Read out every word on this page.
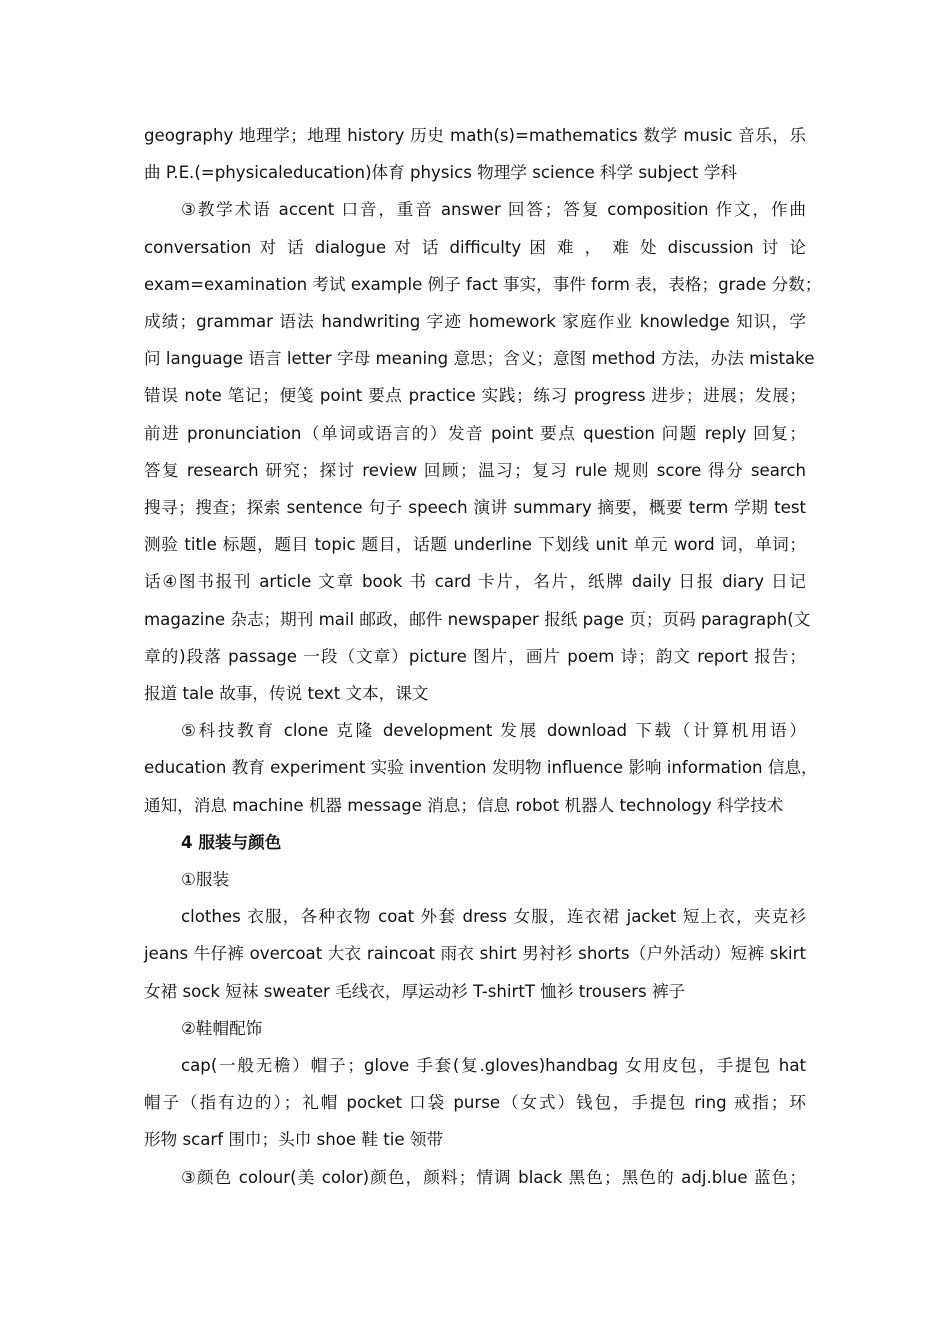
geography 地理学；地理 history 历史 math(s)=mathematics 数学 music 音乐，乐
曲 P.E.(=physicaleducation)体育 physics 物理学 science 科学 subject 学科
③教学术语 accent 口音，重音 answer 回答；答复 composition 作文，作曲
conversation 对 话 dialogue 对 话 difficulty 困 难 ， 难 处 discussion 讨 论
exam=examination 考试 example 例子 fact 事实，事件 form 表，表格；grade 分数；
成绩；grammar 语法 handwriting 字迹 homework 家庭作业 knowledge 知识，学
问 language 语言 letter 字母 meaning 意思；含义；意图 method 方法，办法 mistake
错误 note 笔记；便笺 point 要点 practice 实践；练习 progress 进步；进展；发展；
前进 pronunciation（单词或语言的）发音 point 要点 question 问题 reply 回复；
答复 research 研究；探讨 review 回顾；温习；复习 rule 规则 score 得分 search
搜寻；搜查；探索 sentence 句子 speech 演讲 summary 摘要，概要 term 学期 test
测验 title 标题，题目 topic 题目，话题 underline 下划线 unit 单元 word 词，单词；
话④图书报刊 article 文章 book 书 card 卡片，名片，纸牌 daily 日报 diary 日记
magazine 杂志；期刊 mail 邮政，邮件 newspaper 报纸 page 页；页码 paragraph(文
章的)段落 passage 一段（文章）picture 图片，画片 poem 诗；韵文 report 报告；
报道 tale 故事，传说 text 文本，课文
⑤科技教育 clone 克隆 development 发展 download 下载（计算机用语）
education 教育 experiment 实验 invention 发明物 influence 影响 information 信息，
通知，消息 machine 机器 message 消息；信息 robot 机器人 technology 科学技术
4 服装与颜色
①服装
clothes 衣服，各种衣物 coat 外套 dress 女服，连衣裙 jacket 短上衣，夹克衫
jeans 牛仔裤 overcoat 大衣 raincoat 雨衣 shirt 男衬衫 shorts（户外活动）短裤 skirt
女裙 sock 短袜 sweater 毛线衣，厚运动衫 T-shirtT 恤衫 trousers 裤子
②鞋帽配饰
cap(一般无檐）帽子；glove 手套(复.gloves)handbag 女用皮包，手提包 hat
帽子（指有边的）；礼帽 pocket 口袋 purse（女式）钱包，手提包 ring 戒指；环
形物 scarf 围巾；头巾 shoe 鞋 tie 领带
③颜色 colour(美 color)颜色，颜料；情调 black 黑色；黑色的 adj.blue 蓝色；
